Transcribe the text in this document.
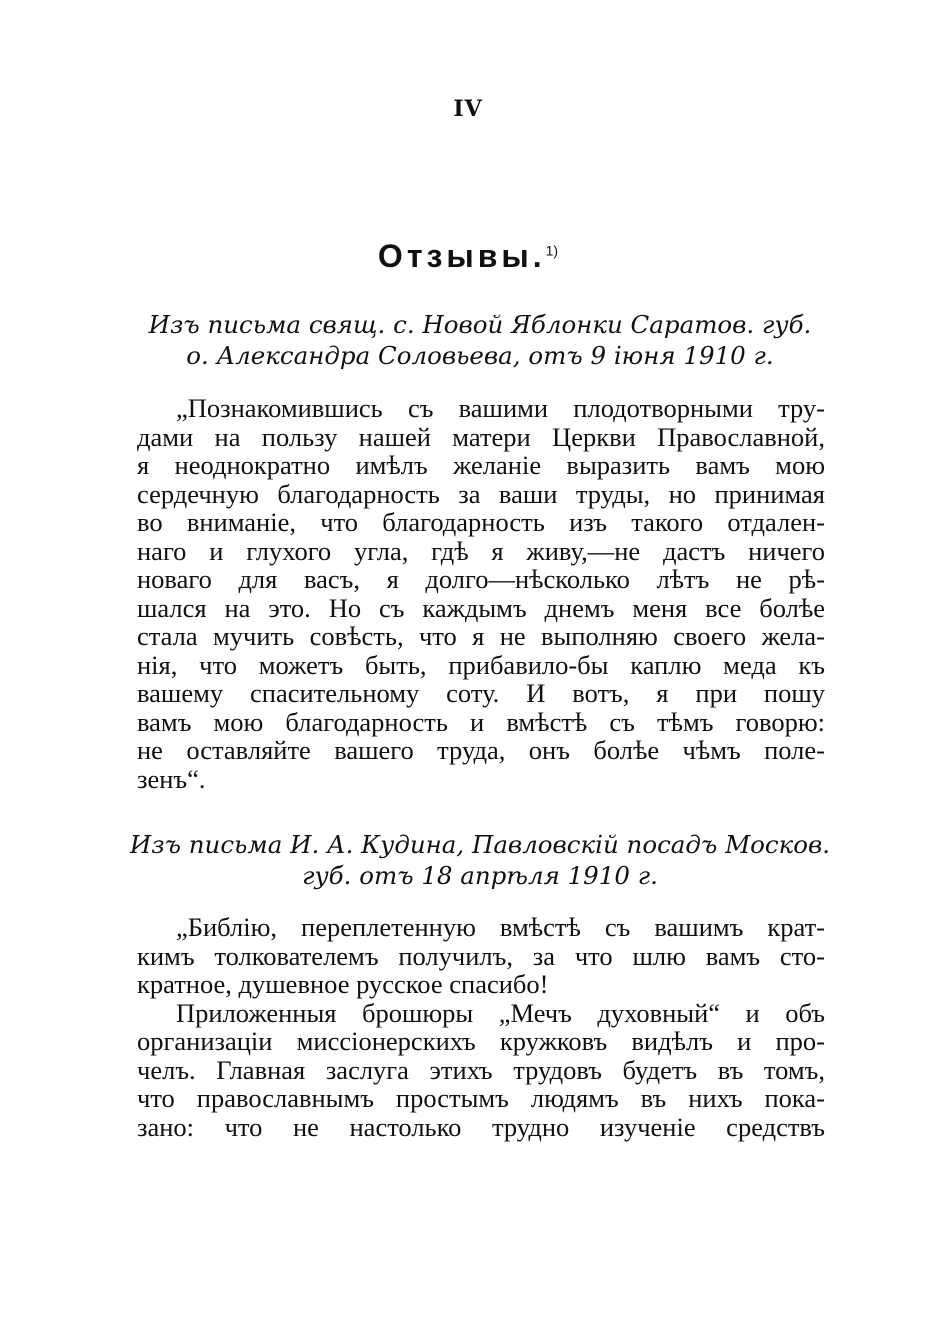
IV
Отзывы.$^{1)}$
Изъ письма свящ. с. Новой Яблонки Саратов. губ.
о. Александра Соловьева, отъ 9 іюня 1910 г.
„Познакомившись съ вашими плодотворными тру-
дами на пользу нашей матери Церкви Православной,
я неоднократно имѣлъ желаніе выразить вамъ мою
сердечную благодарность за ваши труды, но принимая
во вниманіе, что благодарность изъ такого отдален-
наго и глухого угла, гдѣ я живу,—не дастъ ничего
новаго для васъ, я долго—нѣсколько лѣтъ не рѣ-
шался на это. Но съ каждымъ днемъ меня все болѣе
стала мучить совѣсть, что я не выполняю своего жела-
нія, что можетъ быть, прибавило-бы каплю меда къ
вашему спасительному соту. И вотъ, я при пошу
вамъ мою благодарность и вмѣстѣ съ тѣмъ говорю:
не оставляйте вашего труда, онъ болѣе чѣмъ поле-
зенъ“.
Изъ письма И. А. Кудина, Павловскій посадъ Москов.
губ. отъ 18 апрѣля 1910 г.
„Библію, переплетенную вмѣстѣ съ вашимъ крат-
кимъ толкователемъ получилъ, за что шлю вамъ сто-
кратное, душевное русское спасибо!
Приложенныя брошюры „Мечъ духовный“ и объ
организаціи миссіонерскихъ кружковъ видѣлъ и про-
челъ. Главная заслуга этихъ трудовъ будетъ въ томъ,
что православнымъ простымъ людямъ въ нихъ пока-
зано: что не настолько трудно изученіе средствъ
